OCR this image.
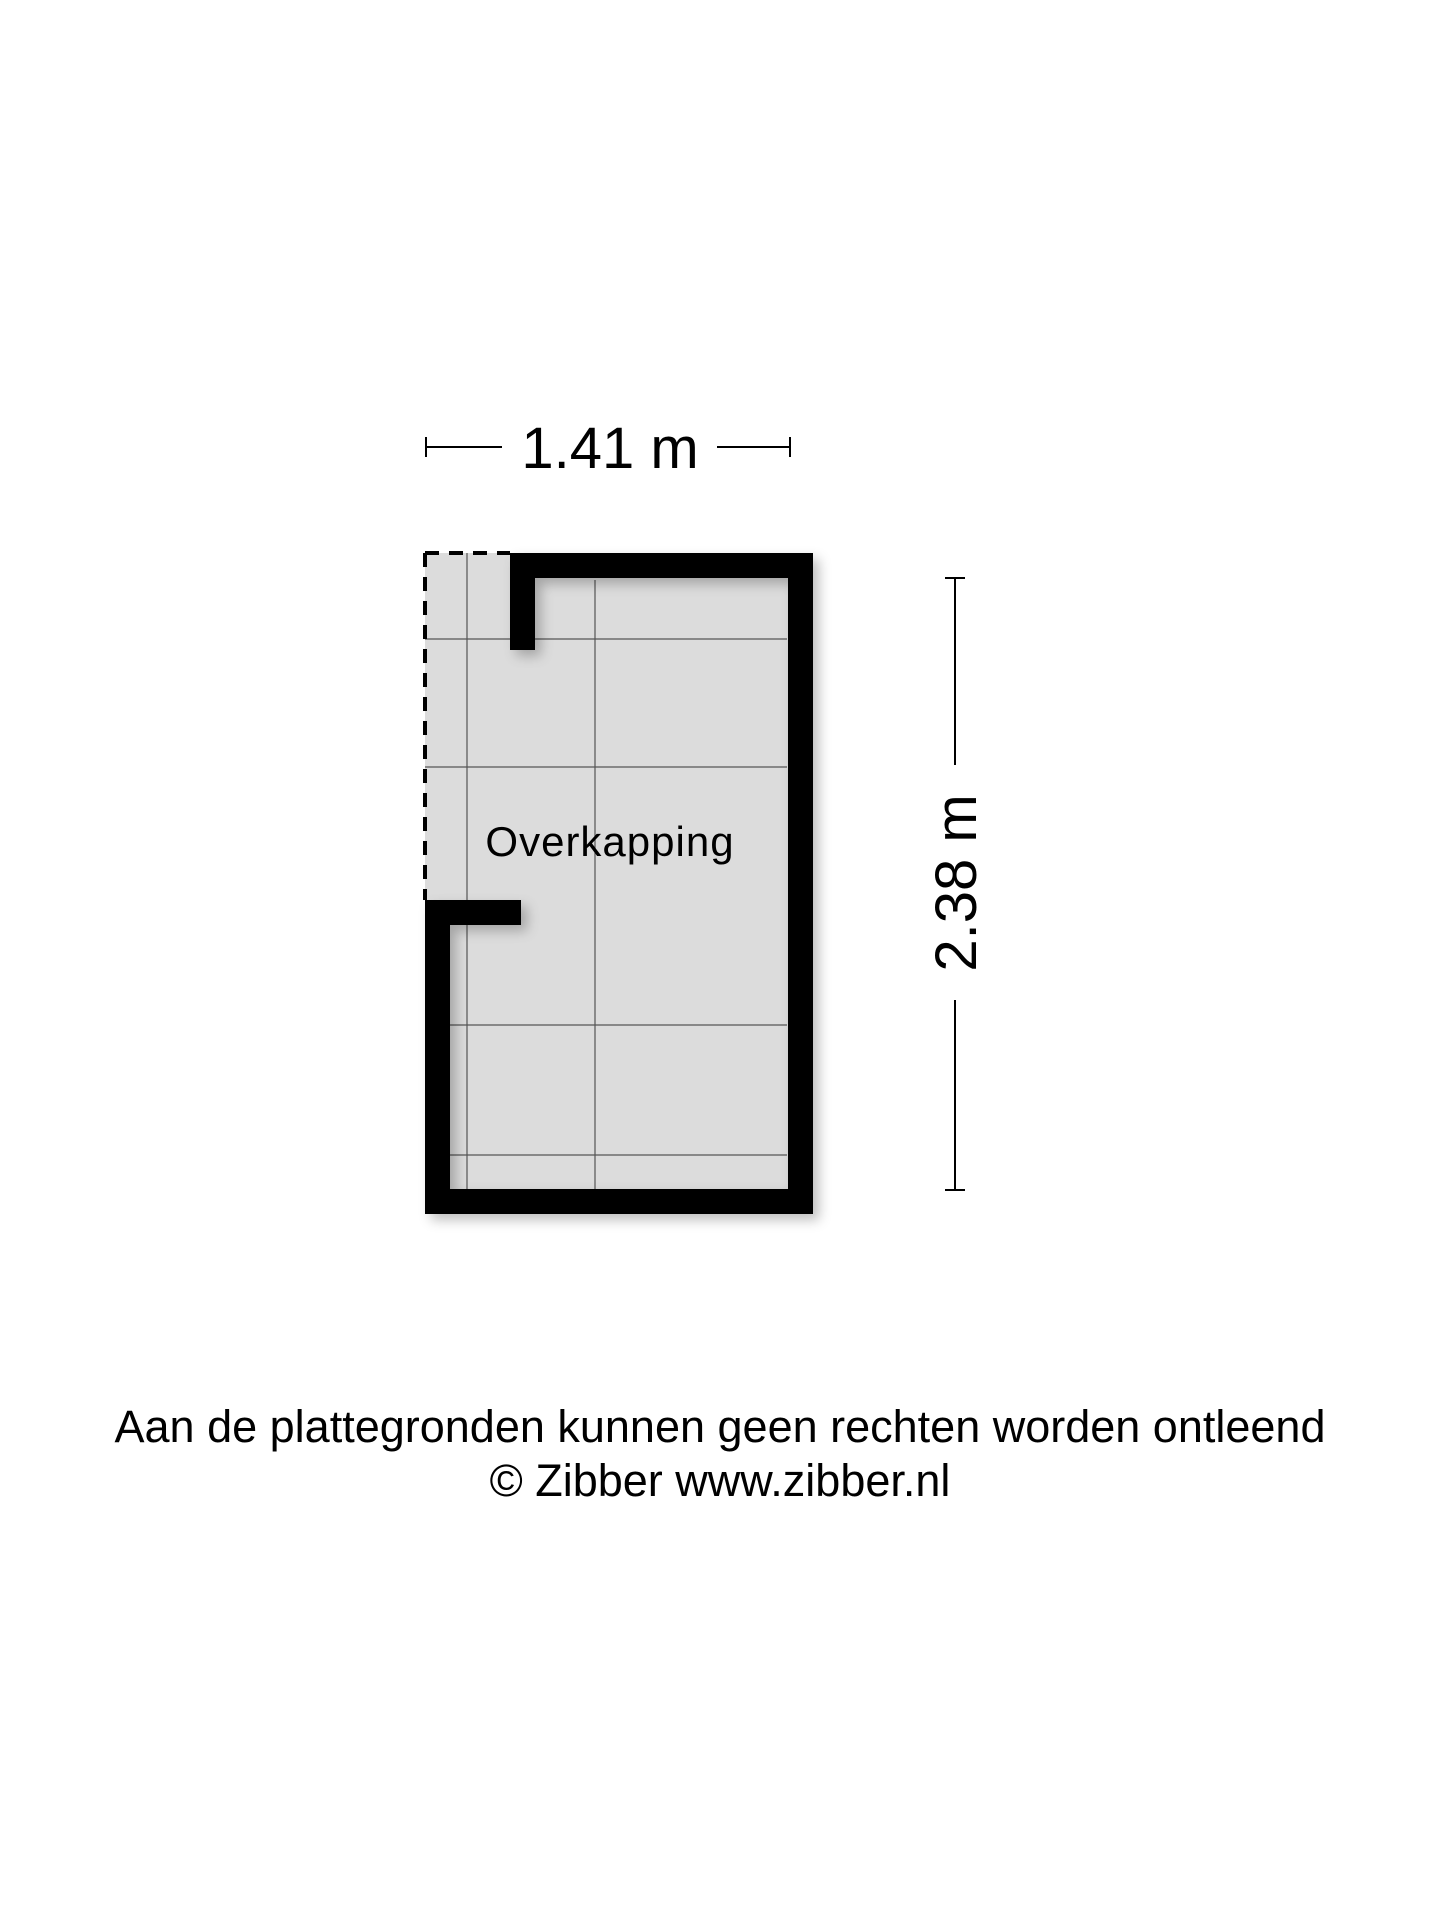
1.41 m
2.38 m
Overkapping

Aan de plattegronden kunnen geen rechten worden ontleend

© Zibber www.zibber.nl
